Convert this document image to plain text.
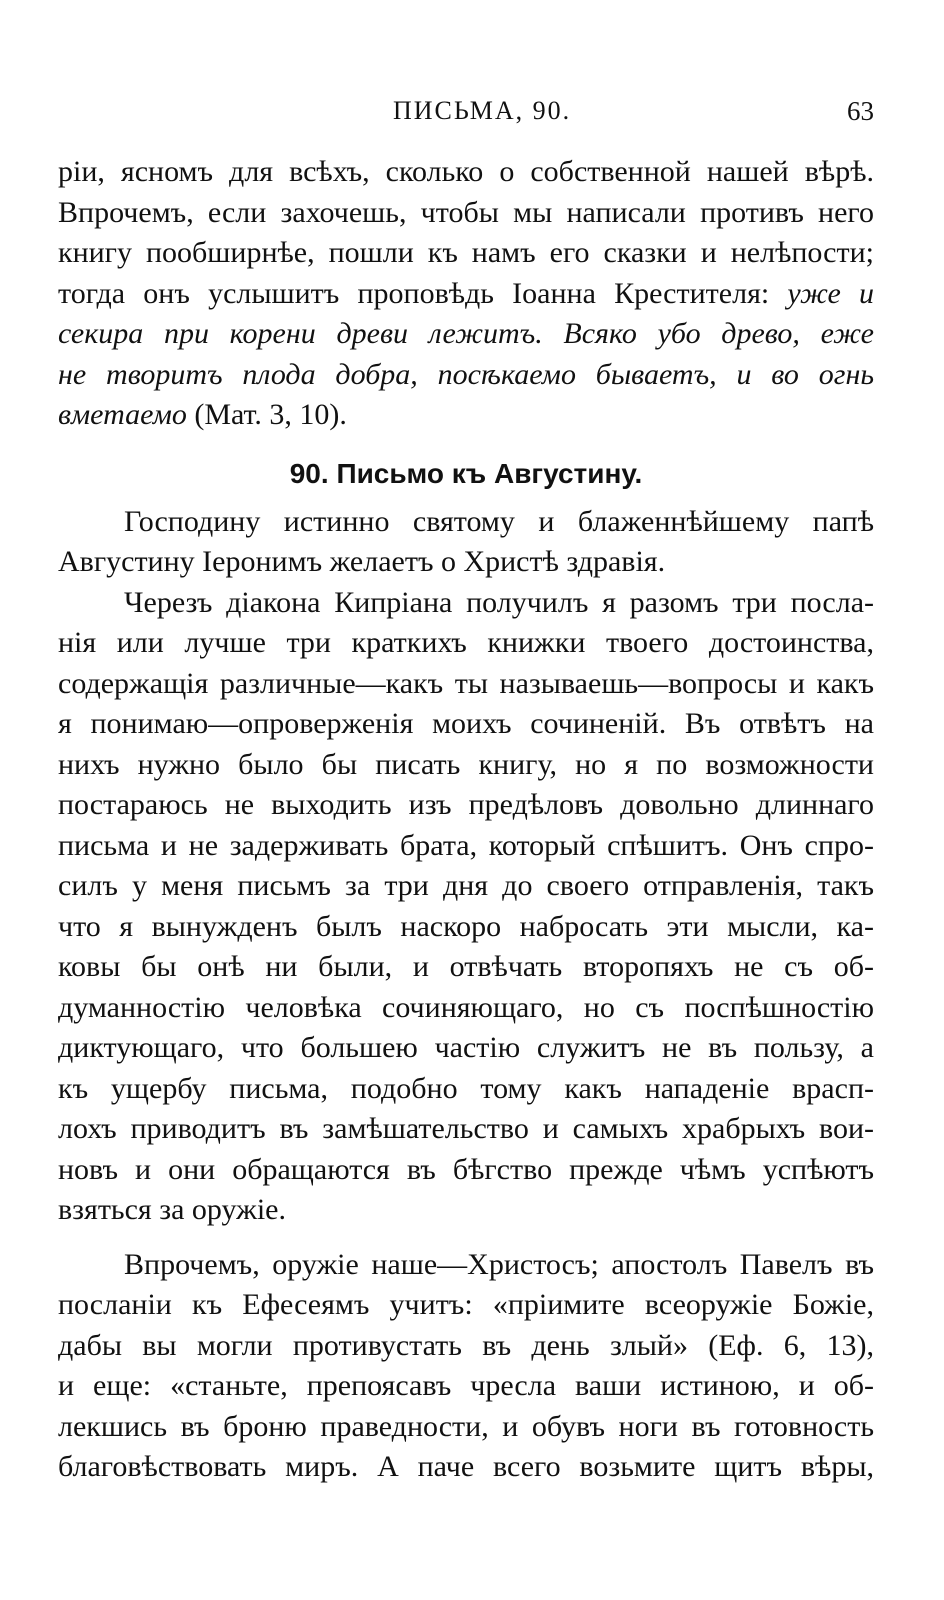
ПИСЬМА, 90.	63
ріи, ясномъ для всѣхъ, сколько о собственной нашей вѣрѣ.
Впрочемъ, если захочешь, чтобы мы написали противъ него
книгу пообширнѣе, пошли къ намъ его сказки и нелѣпости;
тогда онъ услышитъ проповѣдь Іоанна Крестителя: уже и
секира при корени древи лежитъ. Всяко убо древо, еже
не творитъ плода добра, посѣкаемо бываетъ, и во огнь
вметаемо (Мат. 3, 10).
90. Письмо къ Августину.
Господину истинно святому и блаженнѣйшему папѣ
Августину Іеронимъ желаетъ о Христѣ здравія.
Черезъ діакона Кипріана получилъ я разомъ три посла-
нія или лучше три краткихъ книжки твоего достоинства,
содержащія различные—какъ ты называешь—вопросы и какъ
я понимаю—опроверженія моихъ сочиненій. Въ отвѣтъ на
нихъ нужно было бы писать книгу, но я по возможности
постараюсь не выходить изъ предѣловъ довольно длиннаго
письма и не задерживать брата, который спѣшитъ. Онъ спро-
силъ у меня письмъ за три дня до своего отправленія, такъ
что я вынужденъ былъ наскоро набросать эти мысли, ка-
ковы бы онѣ ни были, и отвѣчать второпяхъ не съ об-
думанностію человѣка сочиняющаго, но съ поспѣшностію
диктующаго, что большею частію служитъ не въ пользу, а
къ ущербу письма, подобно тому какъ нападеніе врасп-
лохъ приводитъ въ замѣшательство и самыхъ храбрыхъ вои-
новъ и они обращаются въ бѣгство прежде чѣмъ успѣютъ
взяться за оружіе.
Впрочемъ, оружіе наше—Христосъ; апостолъ Павелъ въ
посланіи къ Ефесеямъ учитъ: «пріимите всеоружіе Божіе,
дабы вы могли противустать въ день злый» (Еф. 6, 13),
и еще: «станьте, препоясавъ чресла ваши истиною, и об-
лекшись въ броню праведности, и обувъ ноги въ готовность
благовѣствовать миръ. А паче всего возьмите щитъ вѣры,
